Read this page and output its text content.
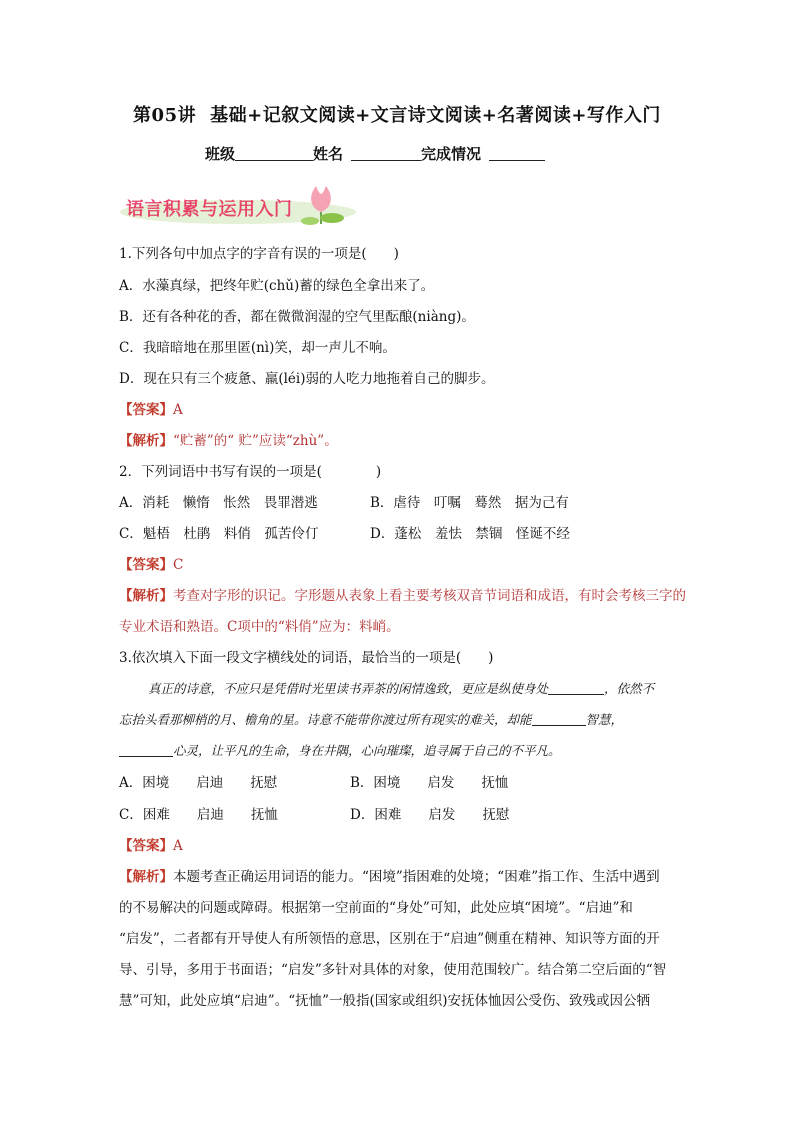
第05讲 基础+记叙文阅读+文言诗文阅读+名著阅读+写作入门
班级	姓名	完成情况
语言积累与运用入门
1.下列各句中加点字的字音有误的一项是(　　)
A．水藻真绿，把终年贮(chǔ)蓄的绿色全拿出来了。
B．还有各种花的香，都在微微润湿的空气里酝酿(niàng)。
C．我暗暗地在那里匿(nì)笑，却一声儿不响。
D．现在只有三个疲惫、羸(léi)弱的人吃力地拖着自己的脚步。
【答案】A
【解析】“贮蓄”的“ 贮”应读“zhù”。
2．下列词语中书写有误的一项是(　　　　)
A．消耗　懒惰　怅然　畏罪潜逃	B．虐待　叮嘱　蓦然　据为己有
C．魁梧　杜鹃　料俏　孤苦伶仃	D．蓬松　羞怯　禁锢　怪诞不经
【答案】C
【解析】考查对字形的识记。字形题从表象上看主要考核双音节词语和成语，有时会考核三字的
专业术语和熟语。C项中的“料俏”应为：料峭。
3.依次填入下面一段文字横线处的词语，最恰当的一项是(　　)
真正的诗意，不应只是凭借时光里读书弄茶的闲情逸致，更应是纵使身处	，依然不
忘抬头看那柳梢的月、檐角的星。诗意不能带你渡过所有现实的难关，却能	智慧，
心灵，让平凡的生命，身在井隅，心向璀璨，追寻属于自己的不平凡。
A．困境　　启迪　　抚慰	B．困境　　启发　　抚恤
C．困难　　启迪　　抚恤	D．困难　　启发　　抚慰
【答案】A
【解析】本题考查正确运用词语的能力。“困境”指困难的处境；“困难”指工作、生活中遇到
的不易解决的问题或障碍。根据第一空前面的“身处”可知，此处应填“困境”。“启迪”和
“启发”，二者都有开导使人有所领悟的意思，区别在于“启迪”侧重在精神、知识等方面的开
导、引导，多用于书面语；“启发”多针对具体的对象，使用范围较广。结合第二空后面的“智
慧”可知，此处应填“启迪”。“抚恤”一般指(国家或组织)安抚体恤因公受伤、致残或因公牺
